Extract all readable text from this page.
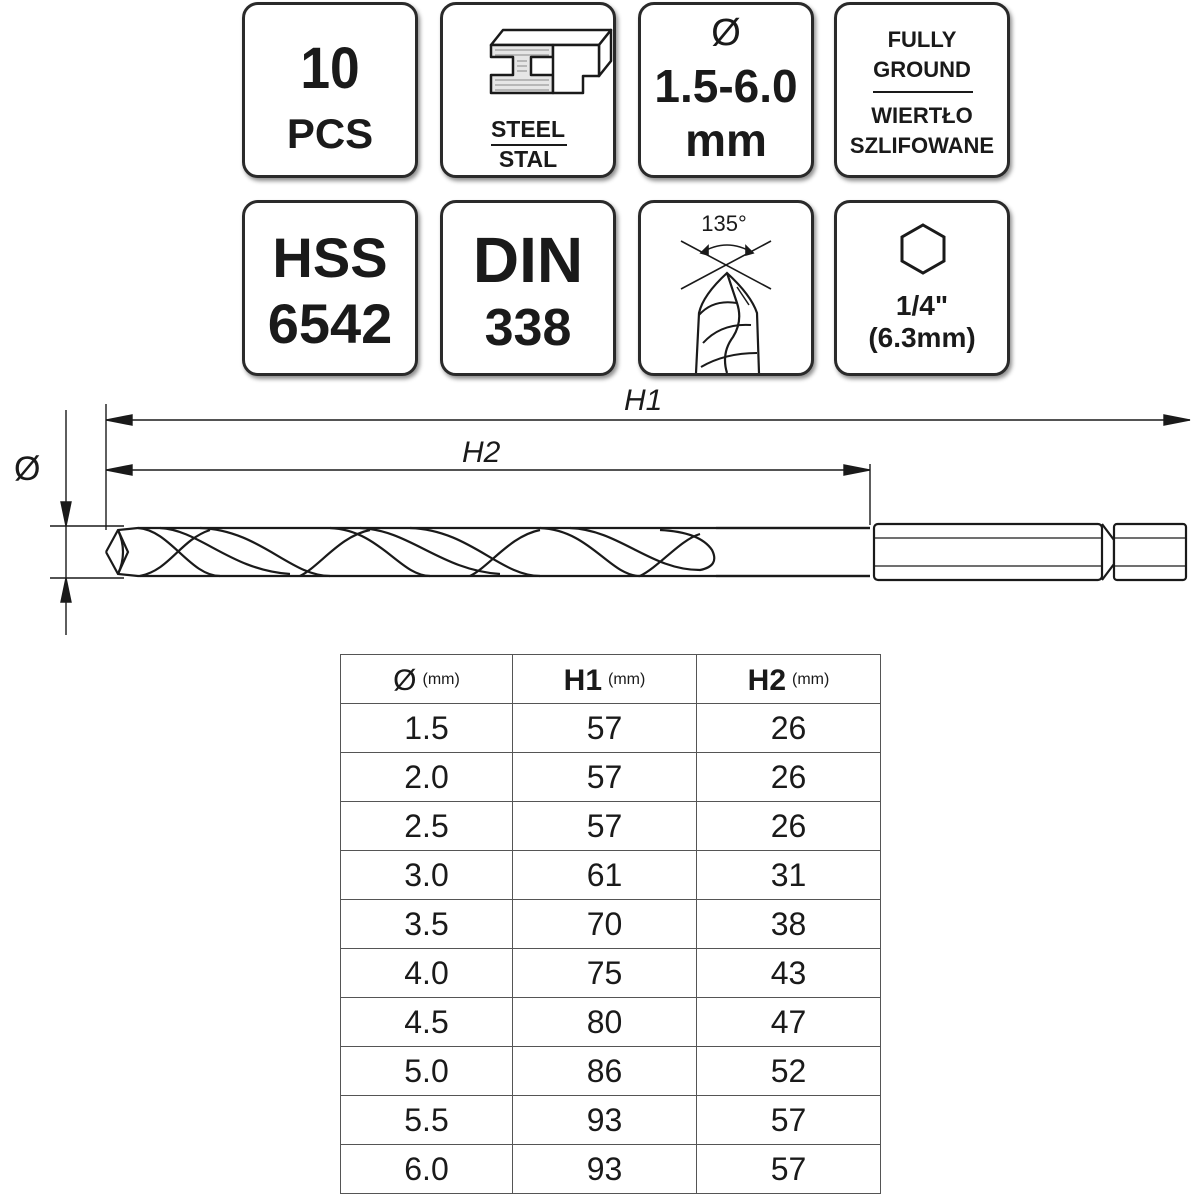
10
PCS	STEEL
STAL
Ø
1.5-6.0
mm
FULLY
GROUND
WIERTŁO
SZLIFOWANE
HSS
6542
DIN
338
135°
1/4"
(6.3mm)
H1
H2
Ø
Ø (mm)	H1 (mm)	H2 (mm)
1.5	57	26
2.0	57	26
2.5	57	26
3.0	61	31
3.5	70	38
4.0	75	43
4.5	80	47
5.0	86	52
5.5	93	57
6.0	93	57
